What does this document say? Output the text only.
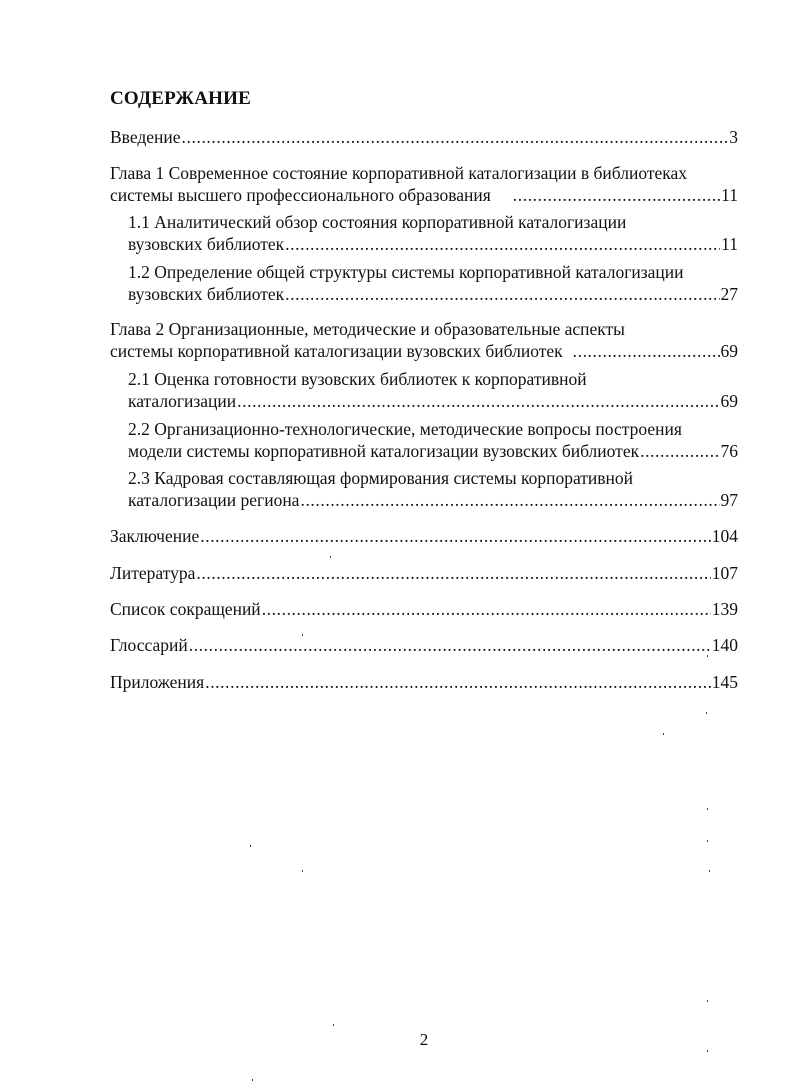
СОДЕРЖАНИЕ
Введение .....	3
Глава 1 Современное состояние корпоративной каталогизации в библиотеках
системы высшего профессионального образования .....	11
1.1 Аналитический обзор состояния корпоративной каталогизации
вузовских библиотек .....	11
1.2 Определение общей структуры системы корпоративной каталогизации
вузовских библиотек .....	27
Глава 2 Организационные, методические и образовательные аспекты
системы корпоративной каталогизации вузовских библиотек .....	69
2.1 Оценка готовности вузовских библиотек к корпоративной
каталогизации .....	69
2.2 Организационно-технологические, методические вопросы построения
модели системы корпоративной каталогизации вузовских библиотек .....	76
2.3 Кадровая составляющая формирования системы корпоративной
каталогизации региона .....	97
Заключение .....	104
Литература .....	107
Список сокращений .....	139
Глоссарий .....	140
Приложения .....	145
2
